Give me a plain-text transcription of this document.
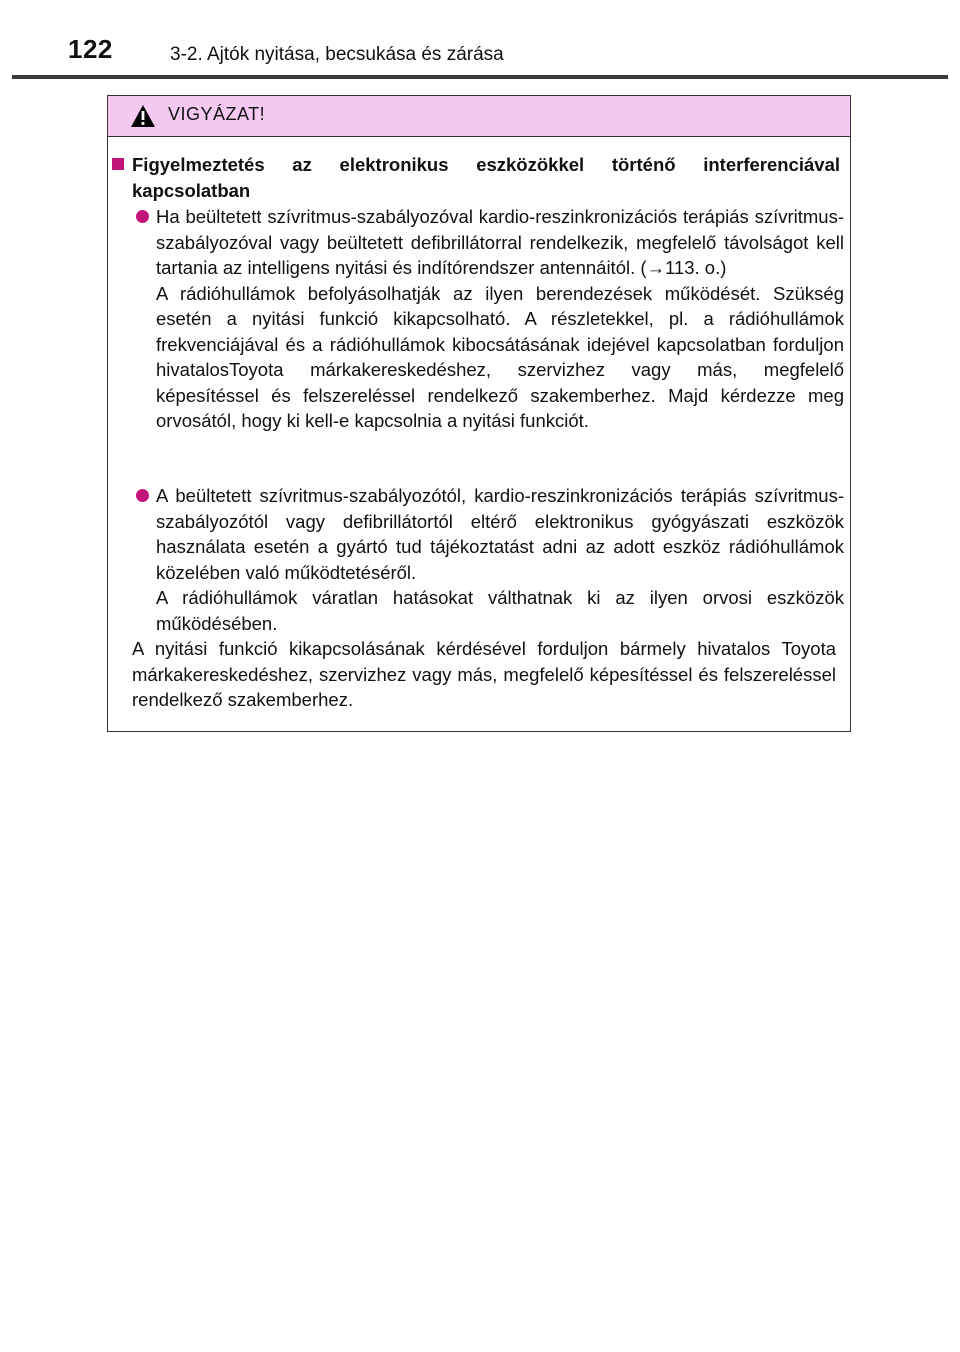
122	3-2. Ajtók nyitása, becsukása és zárása
VIGYÁZAT!
Figyelmeztetés az elektronikus eszközökkel történő interferenciával kapcsolatban

Ha beültetett szívritmus-szabályozóval kardio-reszinkronizációs terápiás szívritmus-szabályozóval vagy beültetett defibrillátorral rendelkezik, megfelelő távolságot kell tartania az intelligens nyitási és indítórendszer antennáitól. (→113. o.)

A rádióhullámok befolyásolhatják az ilyen berendezések működését. Szükség esetén a nyitási funkció kikapcsolható. A részletekkel, pl. a rádióhullámok frekvenciájával és a rádióhullámok kibocsátásának idejével kapcsolatban forduljon hivatalosToyota márkakereskedéshez, szervizhez vagy más, megfelelő képesítéssel és felszereléssel rendelkező szakemberhez. Majd kérdezze meg orvosától, hogy ki kell-e kapcsolnia a nyitási funkciót.

A beültetett szívritmus-szabályozótól, kardio-reszinkronizációs terápiás szívritmus-szabályozótól vagy defibrillátortól eltérő elektronikus gyógyászati eszközök használata esetén a gyártó tud tájékoztatást adni az adott eszköz rádióhullámok közelében való működtetéséről.

A rádióhullámok váratlan hatásokat válthatnak ki az ilyen orvosi eszközök működésében.

A nyitási funkció kikapcsolásának kérdésével forduljon bármely hivatalos Toyota márkakereskedéshez, szervizhez vagy más, megfelelő képesítéssel és felszereléssel rendelkező szakemberhez.
